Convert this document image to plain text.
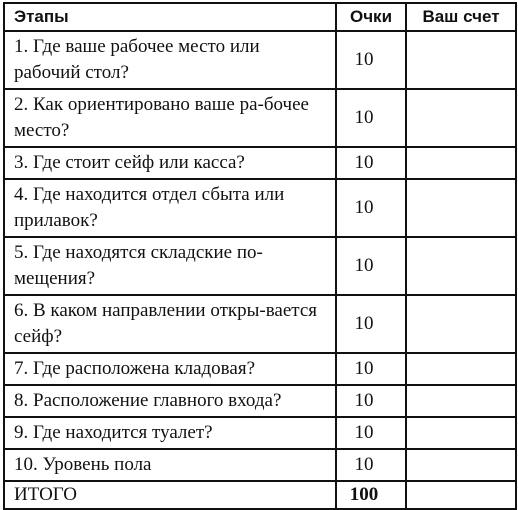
Этапы	Очки	Ваш счет
1. Где ваше рабочее место или рабочий стол?	10	
2. Как ориентировано ваше ра-бочее место?	10	
3. Где стоит сейф или касса?	10	
4. Где находится отдел сбыта или прилавок?	10	
5. Где находятся складские по-мещения?	10	
6. В каком направлении откры-вается сейф?	10	
7. Где расположена кладовая?	10	
8. Расположение главного входа?	10	
9. Где находится туалет?	10	
10. Уровень пола	10	
ИТОГО	100	
